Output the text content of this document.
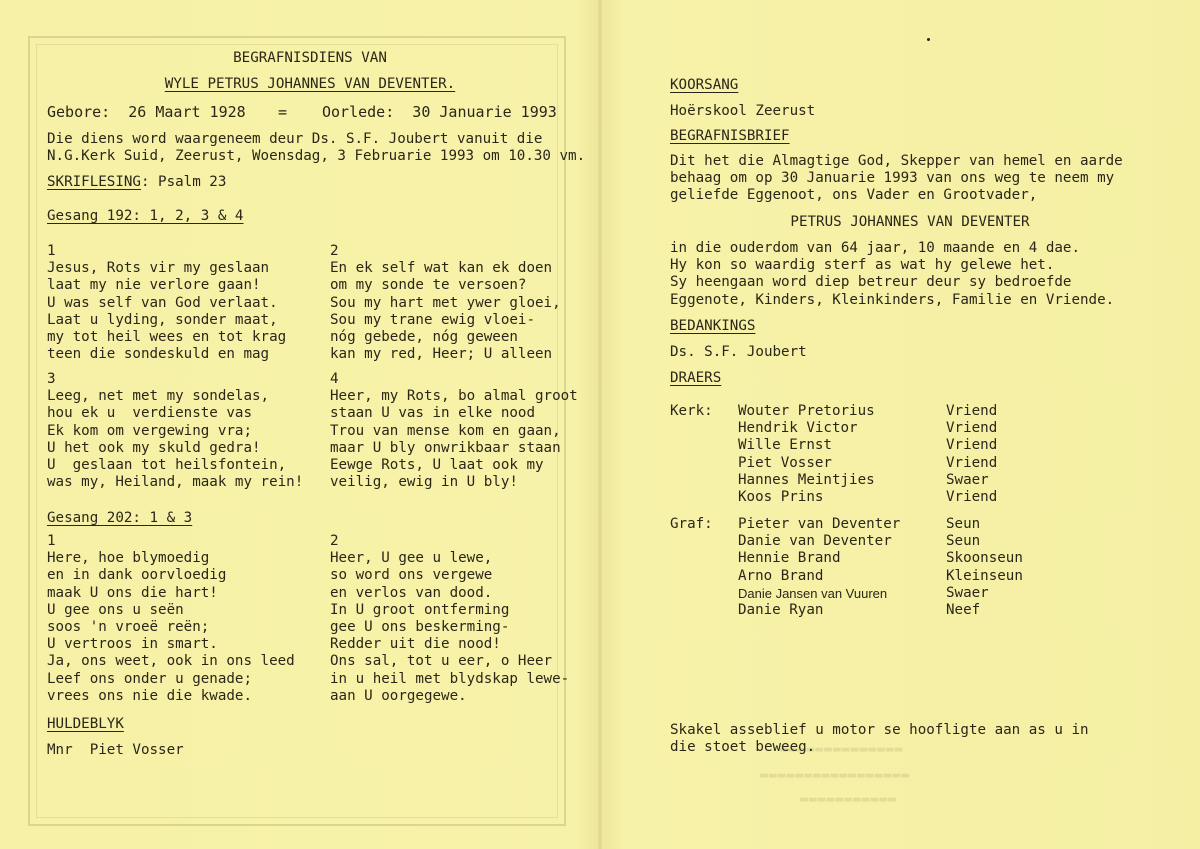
▬▬▬▬▬▬▬▬▬▬▬▬▬▬
▬▬▬▬▬▬▬▬▬▬▬▬▬▬▬▬▬
▬▬▬▬▬▬▬▬▬▬▬
BEGRAFNISDIENS VAN
WYLE PETRUS JOHANNES VAN DEVENTER.
Gebore:  26 Maart 1928 = Oorlede:  30 Januarie 1993
Die diens word waargeneem deur Ds. S.F. Joubert vanuit die
N.G.Kerk Suid, Zeerust, Woensdag, 3 Februarie 1993 om 10.30 vm.
SKRIFLESING: Psalm 23
Gesang 192: 1, 2, 3 & 4
1
Jesus, Rots vir my geslaan
laat my nie verlore gaan!
U was self van God verlaat.
Laat u lyding, sonder maat,
my tot heil wees en tot krag
teen die sondeskuld en mag
2
En ek self wat kan ek doen
om my sonde te versoen?
Sou my hart met ywer gloei,
Sou my trane ewig vloei-
nóg gebede, nóg geween
kan my red, Heer; U alleen
3
Leeg, net met my sondelas,
hou ek u  verdienste vas
Ek kom om vergewing vra;
U het ook my skuld gedra!
U  geslaan tot heilsfontein,
was my, Heiland, maak my rein!
4
Heer, my Rots, bo almal groot
staan U vas in elke nood
Trou van mense kom en gaan,
maar U bly onwrikbaar staan
Eewge Rots, U laat ook my
veilig, ewig in U bly!
Gesang 202: 1 & 3
1
Here, hoe blymoedig
en in dank oorvloedig
maak U ons die hart!
U gee ons u seën
soos 'n vroeë reën;
U vertroos in smart.
Ja, ons weet, ook in ons leed
Leef ons onder u genade;
vrees ons nie die kwade.
2
Heer, U gee u lewe,
so word ons vergewe
en verlos van dood.
In U groot ontferming
gee U ons beskerming-
Redder uit die nood!
Ons sal, tot u eer, o Heer
in u heil met blydskap lewe-
aan U oorgegewe.
HULDEBLYK
Mnr  Piet Vosser
KOORSANG
Hoërskool Zeerust
BEGRAFNISBRIEF
Dit het die Almagtige God, Skepper van hemel en aarde
behaag om op 30 Januarie 1993 van ons weg te neem my
geliefde Eggenoot, ons Vader en Grootvader,
PETRUS JOHANNES VAN DEVENTER
in die ouderdom van 64 jaar, 10 maande en 4 dae.
Hy kon so waardig sterf as wat hy gelewe het.
Sy heengaan word diep betreur deur sy bedroefde
Eggenote, Kinders, Kleinkinders, Familie en Vriende.
BEDANKINGS
Ds. S.F. Joubert
DRAERS
Kerk: Wouter Pretorius
Hendrik Victor
Wille Ernst
Piet Vosser
Hannes Meintjies
Koos Prins
Vriend
Vriend
Vriend
Vriend
Swaer
Vriend
Graf: Pieter van Deventer
Danie van Deventer
Hennie Brand
Arno Brand
Danie Jansen van Vuuren
Danie Ryan
Seun
Seun
Skoonseun
Kleinseun
Swaer
Neef
Skakel asseblief u motor se hoofligte aan as u in
die stoet beweeg.
